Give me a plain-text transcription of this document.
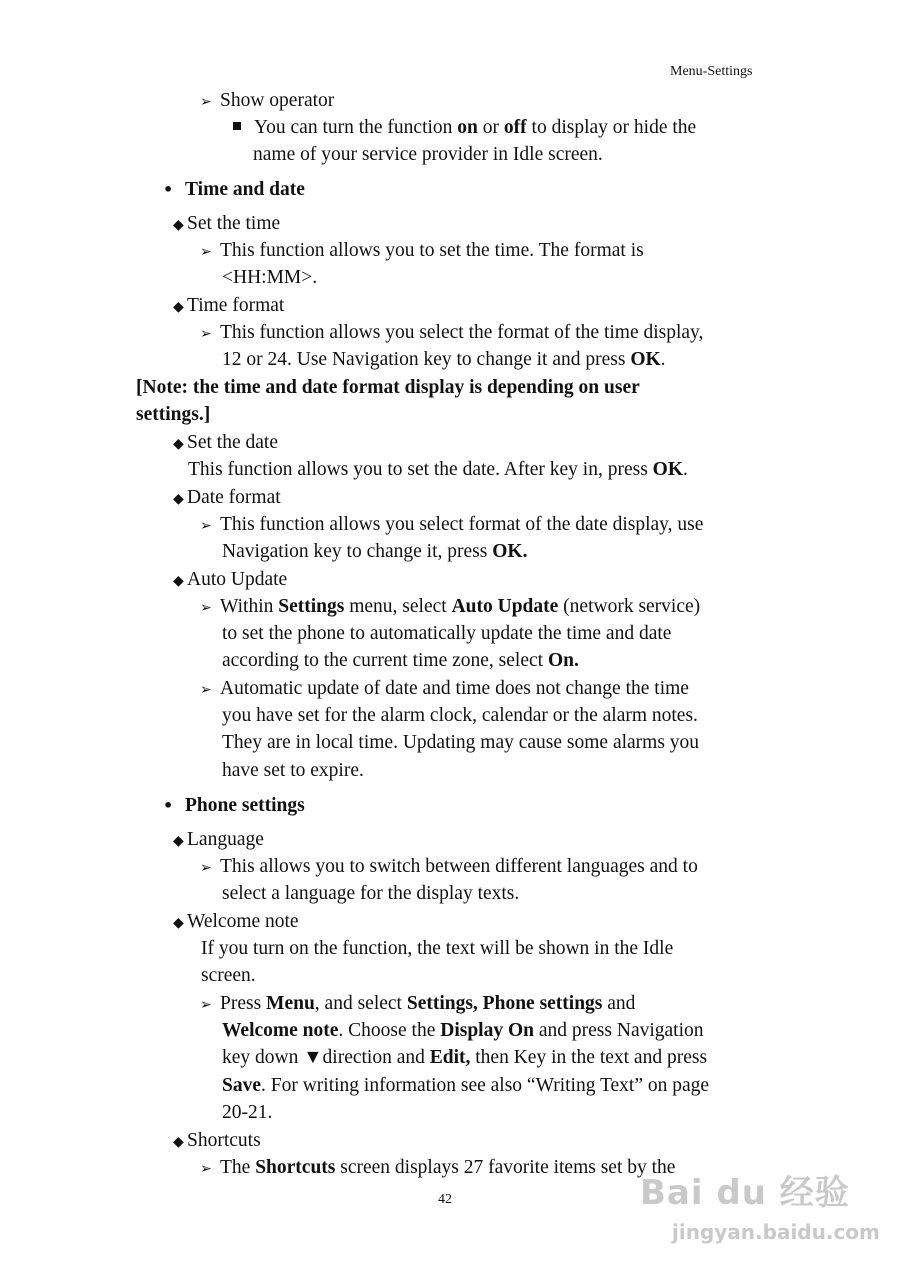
Menu-Settings
➢ Show operator
You can turn the function on or off to display or hide the
name of your service provider in Idle screen.
• Time and date
◆ Set the time
➢ This function allows you to set the time. The format is
<HH:MM>.
◆ Time format
➢ This function allows you select the format of the time display,
12 or 24. Use Navigation key to change it and press OK.
[Note: the time and date format display is depending on user
settings.]
◆ Set the date
This function allows you to set the date. After key in, press OK.
◆ Date format
➢ This function allows you select format of the date display, use
Navigation key to change it, press OK.
◆ Auto Update
➢ Within Settings menu, select Auto Update (network service)
to set the phone to automatically update the time and date
according to the current time zone, select On.
➢ Automatic update of date and time does not change the time
you have set for the alarm clock, calendar or the alarm notes.
They are in local time. Updating may cause some alarms you
have set to expire.
• Phone settings
◆ Language
➢ This allows you to switch between different languages and to
select a language for the display texts.
◆ Welcome note
If you turn on the function, the text will be shown in the Idle
screen.
➢ Press Menu, and select Settings, Phone settings and
Welcome note. Choose the Display On and press Navigation
key down ▼direction and Edit, then Key in the text and press
Save. For writing information see also “Writing Text” on page
20-21.
◆ Shortcuts
➢ The Shortcuts screen displays 27 favorite items set by the
42	Bai du 经验
jingyan.baidu.com
